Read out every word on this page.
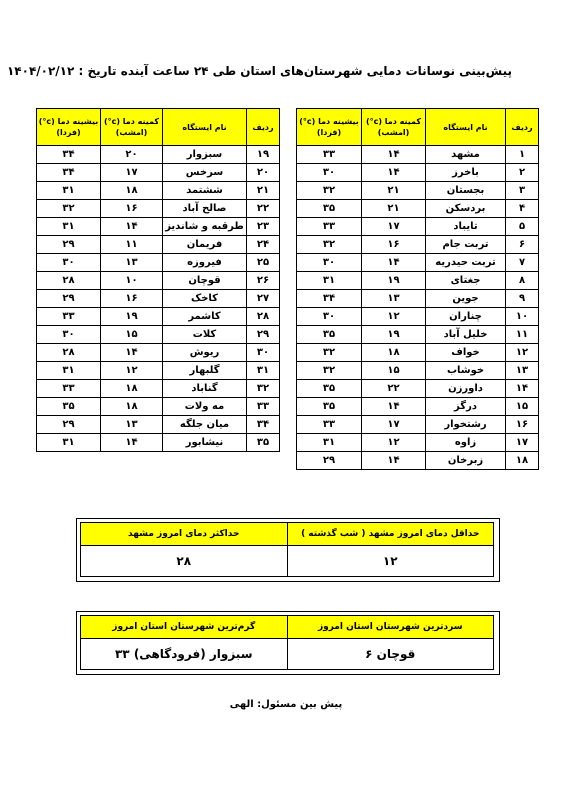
پیش‌بینی نوسانات دمایی شهرستان‌های استان طی ۲۴ ساعت آینده تاریخ : ۱۴۰۴/۰۲/۱۲
ردیف	نام ایستگاه	کمینه دما (c°) (امشب)	بیشینه دما (c°) (فردا)
۱	مشهد	۱۴	۳۳
۲	باخرز	۱۴	۳۰
۳	بجستان	۲۱	۳۲
۴	بردسکن	۲۱	۳۵
۵	تایباد	۱۷	۳۳
۶	تربت جام	۱۶	۳۲
۷	تربت حیدریه	۱۴	۳۰
۸	جغتای	۱۹	۳۱
۹	جوین	۱۳	۳۴
۱۰	چناران	۱۲	۳۰
۱۱	خلیل آباد	۱۹	۳۵
۱۲	خواف	۱۸	۳۲
۱۳	خوشاب	۱۵	۳۲
۱۴	داورزن	۲۲	۳۵
۱۵	درگز	۱۴	۳۵
۱۶	رشتخوار	۱۷	۳۳
۱۷	زاوه	۱۲	۳۱
۱۸	زبرخان	۱۴	۲۹
ردیف	نام ایستگاه	کمینه دما (c°) (امشب)	بیشینه دما (c°) (فردا)
۱۹	سبزوار	۲۰	۳۴
۲۰	سرخس	۱۷	۳۴
۲۱	ششتمد	۱۸	۳۱
۲۲	صالح آباد	۱۶	۳۲
۲۳	طرقبه و شاندیز	۱۴	۳۱
۲۴	فریمان	۱۱	۲۹
۲۵	فیروزه	۱۳	۳۰
۲۶	قوچان	۱۰	۲۸
۲۷	کاخک	۱۶	۲۹
۲۸	کاشمر	۱۹	۳۳
۲۹	کلات	۱۵	۳۰
۳۰	ریوش	۱۴	۲۸
۳۱	گلبهار	۱۲	۳۱
۳۲	گناباد	۱۸	۳۳
۳۳	مه ولات	۱۸	۳۵
۳۴	میان جلگه	۱۳	۲۹
۳۵	نیشابور	۱۴	۳۱
حداقل دمای امروز مشهد ( شب گذشته )	حداکثر دمای امروز مشهد
۱۲	۲۸
سردترین شهرستان استان امروز	گرم‌ترین شهرستان استان امروز
قوچان ۶	سبزوار (فرودگاهی) ۳۳
پیش بین مسئول: الهی
